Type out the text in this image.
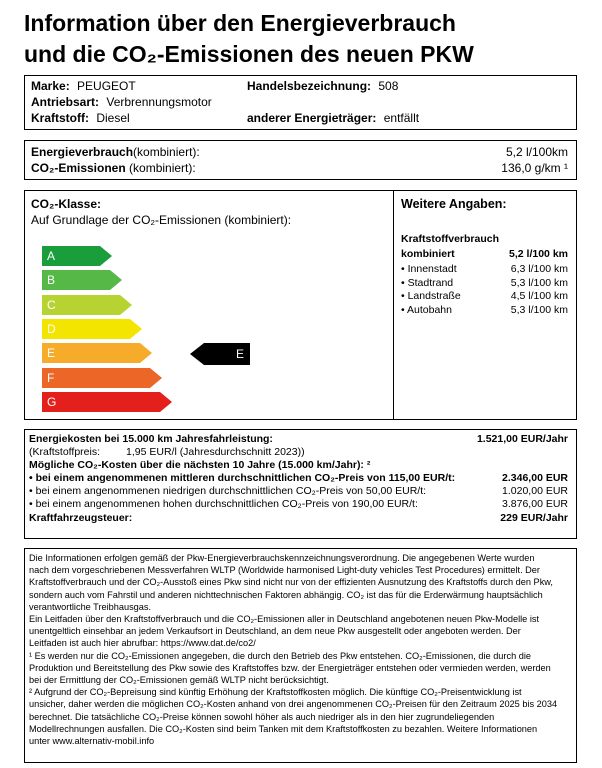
Information über den Energieverbrauch
und die CO₂-Emissionen des neuen PKW
Marke: PEUGEOT	Handelsbezeichnung: 508
Antriebsart: Verbrennungsmotor
Kraftstoff: Diesel	anderer Energieträger: entfällt
Energieverbrauch(kombiniert):	5,2 l/100km
CO₂-Emissionen (kombiniert):	136,0 g/km ¹
CO₂-Klasse:
Auf Grundlage der CO₂-Emissionen (kombiniert):
A
B
C
D
E
F
G
E
Weitere Angaben:
Kraftstoffverbrauch
kombiniert	5,2 l/100 km
• Innenstadt	6,3 l/100 km
• Stadtrand	5,3 l/100 km
• Landstraße	4,5 l/100 km
• Autobahn	5,3 l/100 km
Energiekosten bei 15.000 km Jahresfahrleistung:	1.521,00 EUR/Jahr
(Kraftstoffpreis: 1,95 EUR/l (Jahresdurchschnitt 2023))
Mögliche CO₂-Kosten über die nächsten 10 Jahre (15.000 km/Jahr): ²
• bei einem angenommenen mittleren durchschnittlichen CO₂-Preis von 115,00 EUR/t:	2.346,00 EUR
• bei einem angenommenen niedrigen durchschnittlichen CO₂-Preis von 50,00 EUR/t:	1.020,00 EUR
• bei einem angenommenen hohen durchschnittlichen CO₂-Preis von 190,00 EUR/t:	3.876,00 EUR
Kraftfahrzeugsteuer:	229 EUR/Jahr

Die Informationen erfolgen gemäß der Pkw-Energieverbrauchskennzeichnungsverordnung. Die angegebenen Werte wurden

nach dem vorgeschriebenen Messverfahren WLTP (Worldwide harmonised Light-duty vehicles Test Procedures) ermittelt. Der

Kraftstoffverbrauch und der CO₂-Ausstoß eines Pkw sind nicht nur von der effizienten Ausnutzung des Kraftstoffs durch den Pkw,

sondern auch vom Fahrstil und anderen nichttechnischen Faktoren abhängig. CO₂ ist das für die Erderwärmung hauptsächlich

verantwortliche Treibhausgas.

Ein Leitfaden über den Kraftstoffverbrauch und die CO₂-Emissionen aller in Deutschland angebotenen neuen Pkw-Modelle ist

unentgeltlich einsehbar an jedem Verkaufsort in Deutschland, an dem neue Pkw ausgestellt oder angeboten werden. Der

Leitfaden ist auch hier abrufbar: https://www.dat.de/co2/

¹ Es werden nur die CO₂-Emissionen angegeben, die durch den Betrieb des Pkw entstehen. CO₂-Emissionen, die durch die

Produktion und Bereitstellung des Pkw sowie des Kraftstoffes bzw. der Energieträger entstehen oder vermieden werden, werden

bei der Ermittlung der CO₂-Emissionen gemäß WLTP nicht berücksichtigt.

² Aufgrund der CO₂-Bepreisung sind künftig Erhöhung der Kraftstoffkosten möglich. Die künftige CO₂-Preisentwicklung ist

unsicher, daher werden die möglichen CO₂-Kosten anhand von drei angenommenen CO₂-Preisen für den Zeitraum 2025 bis 2034

berechnet. Die tatsächliche CO₂-Preise können sowohl höher als auch niedriger als in den hier zugrundeliegenden

Modellrechnungen ausfallen. Die CO₂-Kosten sind beim Tanken mit dem Kraftstoffkosten zu bezahlen. Weitere Informationen

unter www.alternativ-mobil.info
